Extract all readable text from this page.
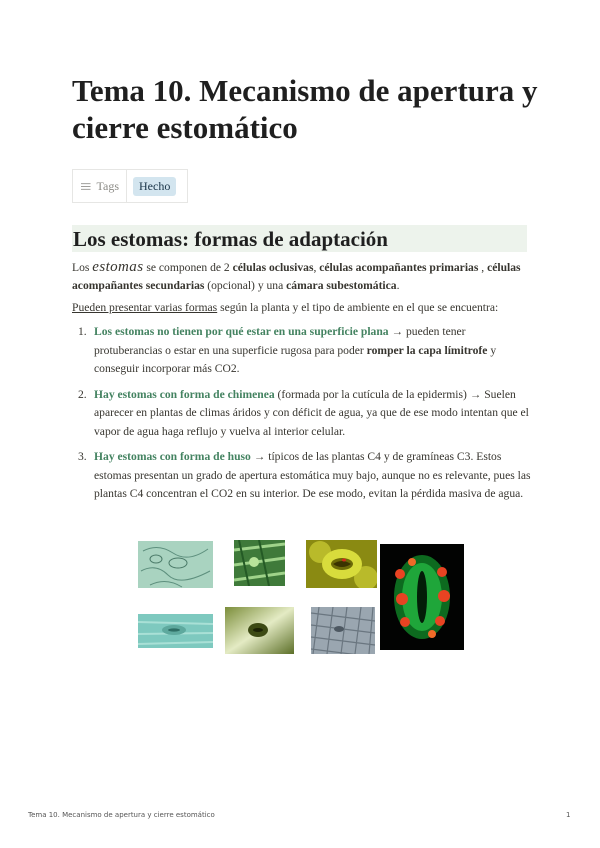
Tema 10. Mecanismo de apertura y cierre estomático
Tags	Hecho
Los estomas: formas de adaptación
Los estomas se componen de 2 células oclusivas, células acompañantes primarias , células acompañantes secundarias (opcional) y una cámara subestomática.
Pueden presentar varias formas según la planta y el tipo de ambiente en el que se encuentra:
1. Los estomas no tienen por qué estar en una superficie plana → pueden tener protuberancias o estar en una superficie rugosa para poder romper la capa límitrofe y conseguir incorporar más CO2.
2. Hay estomas con forma de chimenea (formada por la cutícula de la epidermis) → Suelen aparecer en plantas de climas áridos y con déficit de agua, ya que de ese modo intentan que el vapor de agua haga reflujo y vuelva al interior celular.
3. Hay estomas con forma de huso → típicos de las plantas C4 y de gramíneas C3. Estos estomas presentan un grado de apertura estomática muy bajo, aunque no es relevante, pues las plantas C4 concentran el CO2 en su interior. De ese modo, evitan la pérdida masiva de agua.
Tema 10. Mecanismo de apertura y cierre estomático	1
